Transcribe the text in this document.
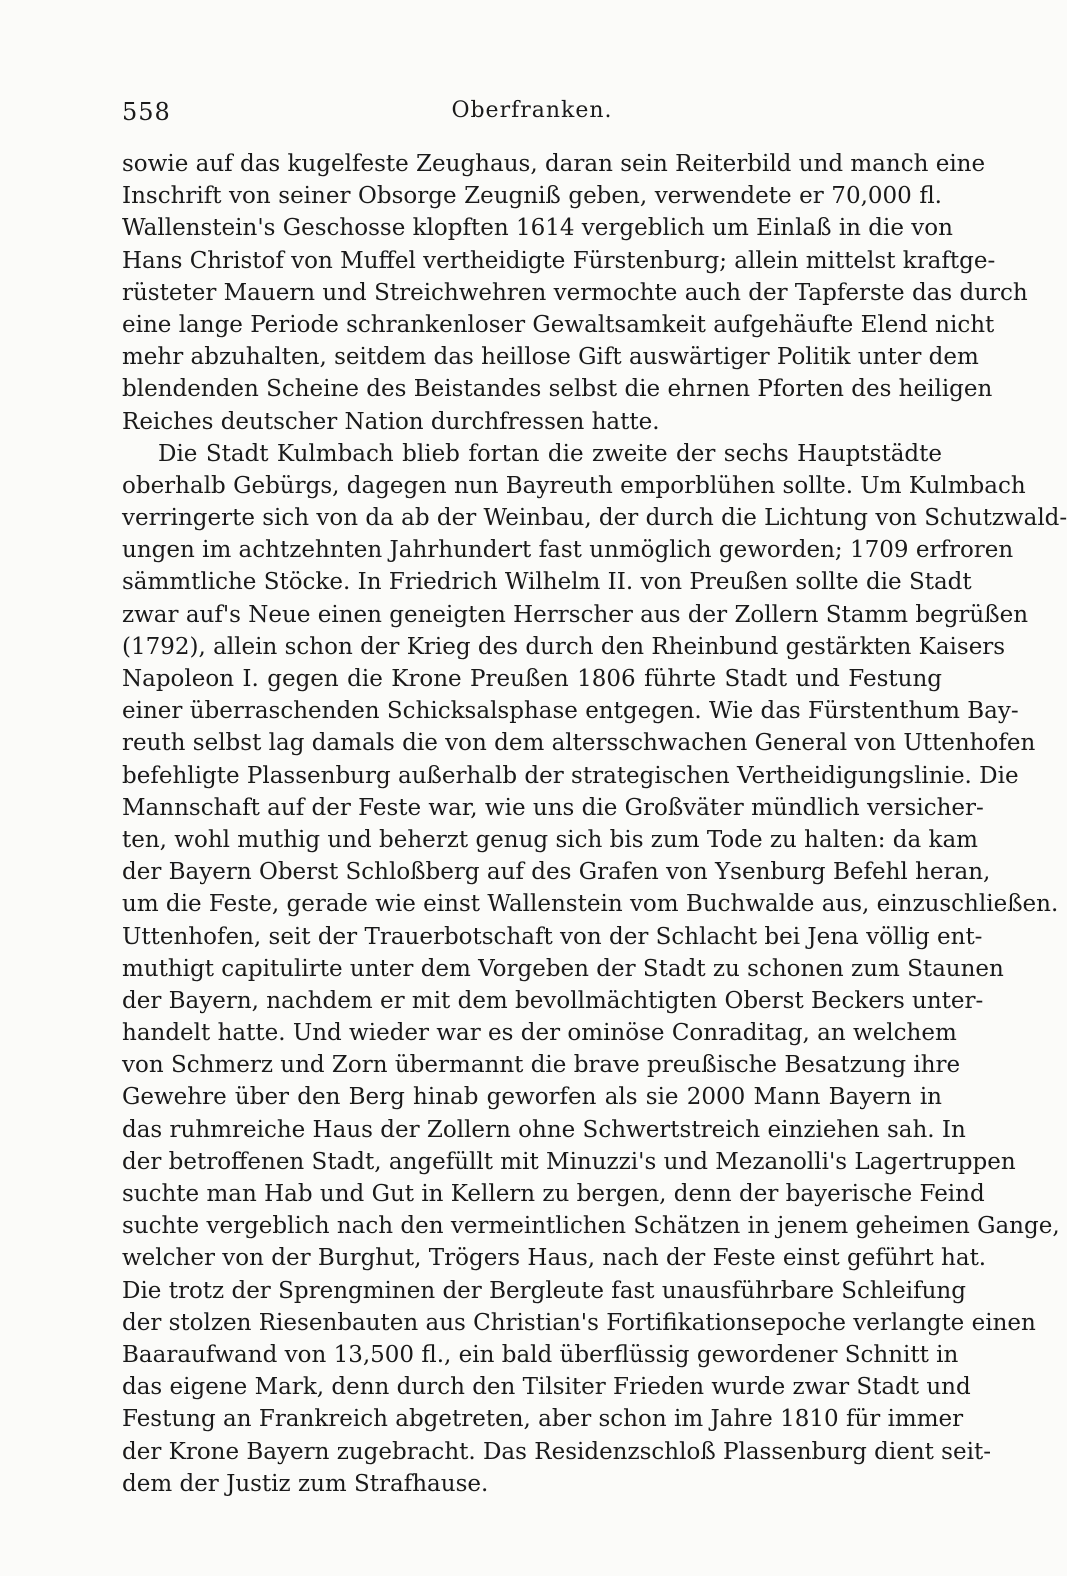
558	Oberfranken.
sowie auf das kugelfeste Zeughaus, daran sein Reiterbild und manch eine
Inschrift von seiner Obsorge Zeugniß geben, verwendete er 70,000 fl.
Wallenstein's Geschosse klopften 1614 vergeblich um Einlaß in die von
Hans Christof von Muffel vertheidigte Fürstenburg; allein mittelst kraftge-
rüsteter Mauern und Streichwehren vermochte auch der Tapferste das durch
eine lange Periode schrankenloser Gewaltsamkeit aufgehäufte Elend nicht
mehr abzuhalten, seitdem das heillose Gift auswärtiger Politik unter dem
blendenden Scheine des Beistandes selbst die ehrnen Pforten des heiligen
Reiches deutscher Nation durchfressen hatte.
Die Stadt Kulmbach blieb fortan die zweite der sechs Hauptstädte
oberhalb Gebürgs, dagegen nun Bayreuth emporblühen sollte. Um Kulmbach
verringerte sich von da ab der Weinbau, der durch die Lichtung von Schutzwald-
ungen im achtzehnten Jahrhundert fast unmöglich geworden; 1709 erfroren
sämmtliche Stöcke. In Friedrich Wilhelm II. von Preußen sollte die Stadt
zwar auf's Neue einen geneigten Herrscher aus der Zollern Stamm begrüßen
(1792), allein schon der Krieg des durch den Rheinbund gestärkten Kaisers
Napoleon I. gegen die Krone Preußen 1806 führte Stadt und Festung
einer überraschenden Schicksalsphase entgegen. Wie das Fürstenthum Bay-
reuth selbst lag damals die von dem altersschwachen General von Uttenhofen
befehligte Plassenburg außerhalb der strategischen Vertheidigungslinie. Die
Mannschaft auf der Feste war, wie uns die Großväter mündlich versicher-
ten, wohl muthig und beherzt genug sich bis zum Tode zu halten: da kam
der Bayern Oberst Schloßberg auf des Grafen von Ysenburg Befehl heran,
um die Feste, gerade wie einst Wallenstein vom Buchwalde aus, einzuschließen.
Uttenhofen, seit der Trauerbotschaft von der Schlacht bei Jena völlig ent-
muthigt capitulirte unter dem Vorgeben der Stadt zu schonen zum Staunen
der Bayern, nachdem er mit dem bevollmächtigten Oberst Beckers unter-
handelt hatte. Und wieder war es der ominöse Conraditag, an welchem
von Schmerz und Zorn übermannt die brave preußische Besatzung ihre
Gewehre über den Berg hinab geworfen als sie 2000 Mann Bayern in
das ruhmreiche Haus der Zollern ohne Schwertstreich einziehen sah. In
der betroffenen Stadt, angefüllt mit Minuzzi's und Mezanolli's Lagertruppen
suchte man Hab und Gut in Kellern zu bergen, denn der bayerische Feind
suchte vergeblich nach den vermeintlichen Schätzen in jenem geheimen Gange,
welcher von der Burghut, Trögers Haus, nach der Feste einst geführt hat.
Die trotz der Sprengminen der Bergleute fast unausführbare Schleifung
der stolzen Riesenbauten aus Christian's Fortifikationsepoche verlangte einen
Baaraufwand von 13,500 fl., ein bald überflüssig gewordener Schnitt in
das eigene Mark, denn durch den Tilsiter Frieden wurde zwar Stadt und
Festung an Frankreich abgetreten, aber schon im Jahre 1810 für immer
der Krone Bayern zugebracht. Das Residenzschloß Plassenburg dient seit-
dem der Justiz zum Strafhause.
